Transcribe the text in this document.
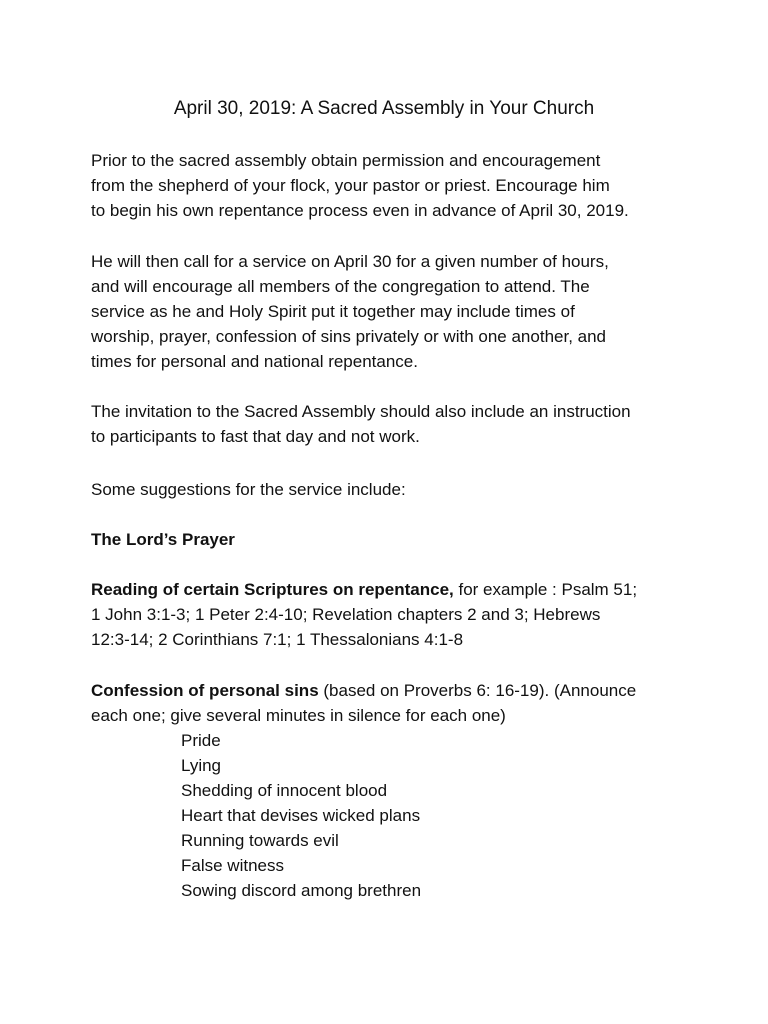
April 30, 2019: A Sacred Assembly in Your Church

Prior to the sacred assembly obtain permission and encouragement
from the shepherd of your flock, your pastor or priest. Encourage him
to begin his own repentance process even in advance of April 30, 2019.

He will then call for a service on April 30 for a given number of hours,
and will encourage all members of the congregation to attend. The
service as he and Holy Spirit put it together may include times of
worship, prayer, confession of sins privately or with one another, and
times for personal and national repentance.

The invitation to the Sacred Assembly should also include an instruction
to participants to fast that day and not work.

Some suggestions for the service include:

The Lord’s Prayer

Reading of certain Scriptures on repentance, for example : Psalm 51;
1 John 3:1-3; 1 Peter 2:4-10; Revelation chapters 2 and 3; Hebrews
12:3-14; 2 Corinthians 7:1; 1 Thessalonians 4:1-8

Confession of personal sins (based on Proverbs 6: 16-19). (Announce
each one; give several minutes in silence for each one)

Pride
Lying
Shedding of innocent blood
Heart that devises wicked plans
Running towards evil
False witness
Sowing discord among brethren
